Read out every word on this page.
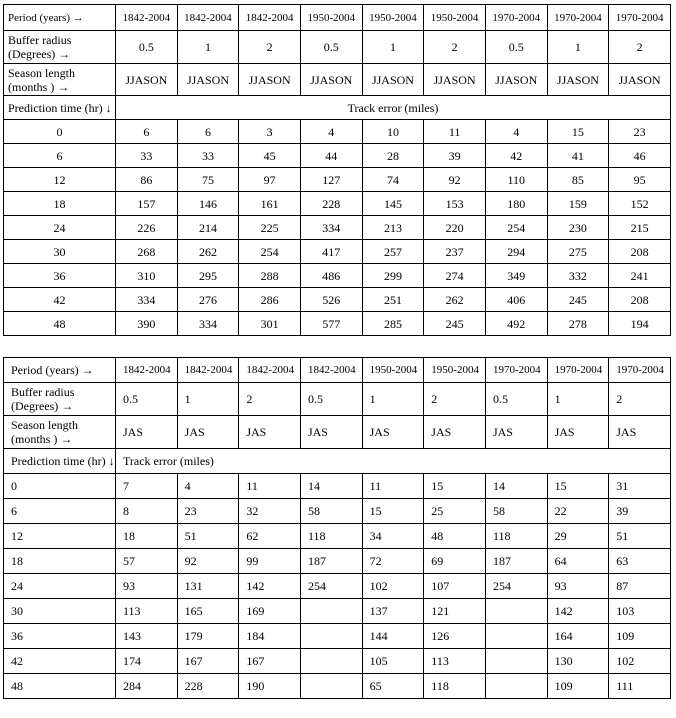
Period (years) →	1842-2004	1842-2004	1842-2004	1950-2004	1950-2004	1950-2004	1970-2004	1970-2004	1970-2004
Buffer radius (Degrees) →	0.5	1	2	0.5	1	2	0.5	1	2
Season length (months ) →	JJASON	JJASON	JJASON	JJASON	JJASON	JJASON	JJASON	JJASON	JJASON
Prediction time (hr) ↓	Track error (miles)								
0	6	6	3	4	10	11	4	15	23
6	33	33	45	44	28	39	42	41	46
12	86	75	97	127	74	92	110	85	95
18	157	146	161	228	145	153	180	159	152
24	226	214	225	334	213	220	254	230	215
30	268	262	254	417	257	237	294	275	208
36	310	295	288	486	299	274	349	332	241
42	334	276	286	526	251	262	406	245	208
48	390	334	301	577	285	245	492	278	194
Period (years) →	1842-2004	1842-2004	1842-2004	1842-2004	1950-2004	1950-2004	1970-2004	1970-2004	1970-2004
Buffer radius (Degrees) →	0.5	1	2	0.5	1	2	0.5	1	2
Season length (months ) →	JAS	JAS	JAS	JAS	JAS	JAS	JAS	JAS	JAS
Prediction time (hr) ↓	Track error (miles)								
0	7	4	11	14	11	15	14	15	31
6	8	23	32	58	15	25	58	22	39
12	18	51	62	118	34	48	118	29	51
18	57	92	99	187	72	69	187	64	63
24	93	131	142	254	102	107	254	93	87
30	113	165	169		137	121		142	103
36	143	179	184		144	126		164	109
42	174	167	167		105	113		130	102
48	284	228	190		65	118		109	111
